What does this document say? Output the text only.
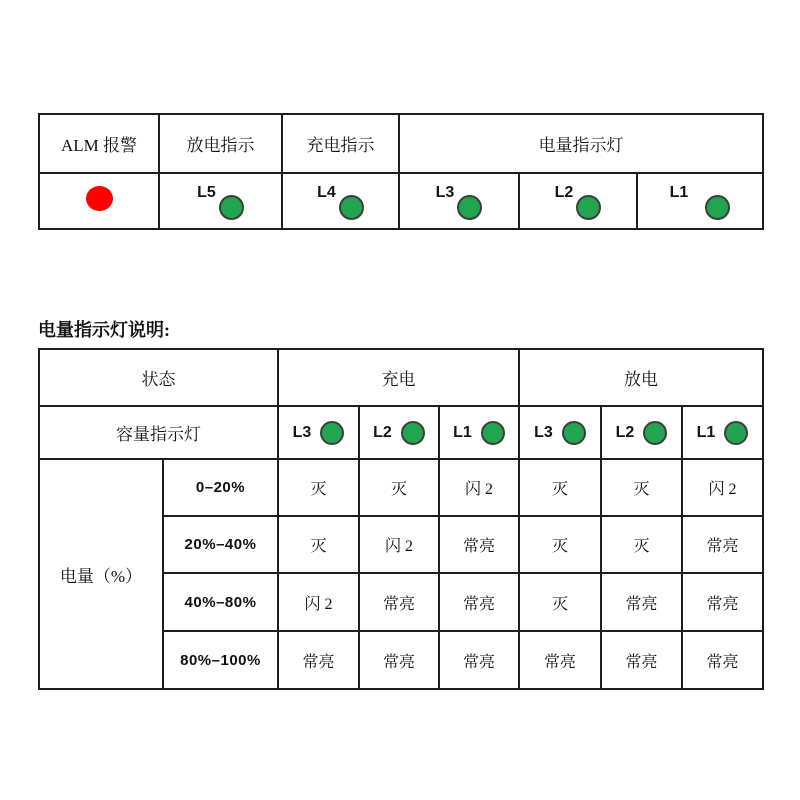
ALM 报警	放电指示	充电指示	电量指示灯		

	L5	L4	L3	L2	L1
电量指示灯说明:
状态		充电			放电		
容量指示灯		L3	L2	L1	L3	L2	L1

电量（%）	0–20%	灭	灭	闪 2	灭	灭	闪 2
	20%–40%	灭	闪 2	常亮	灭	灭	常亮
	40%–80%	闪 2	常亮	常亮	灭	常亮	常亮
	80%–100%	常亮	常亮	常亮	常亮	常亮	常亮
